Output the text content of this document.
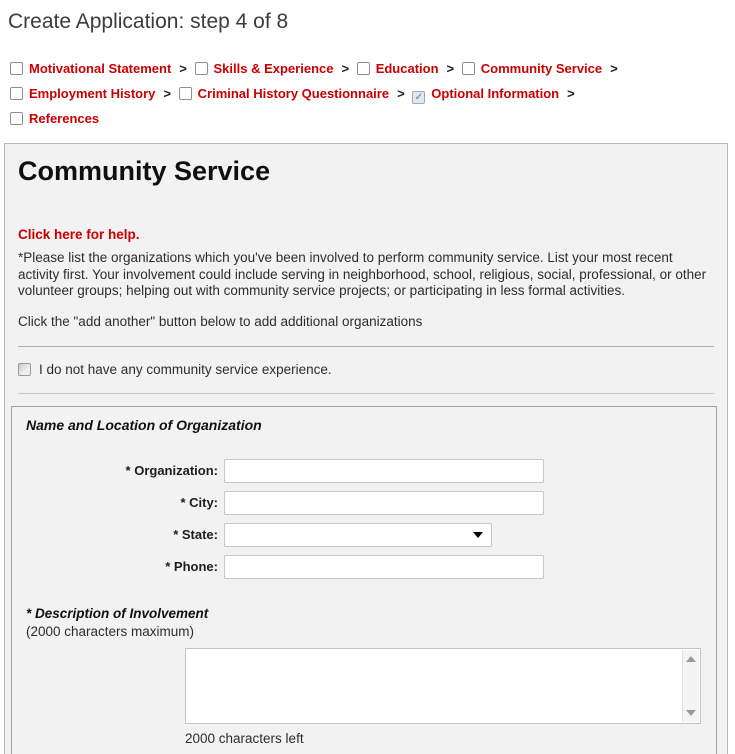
Create Application: step 4 of 8
Motivational Statement > Skills & Experience > Education > Community Service > Employment History > Criminal History Questionnaire > ✓ Optional Information > References
Community Service
Click here for help.

*Please list the organizations which you've been involved to perform community service. List your most recent activity first. Your involvement could include serving in neighborhood, school, religious, social, professional, or other volunteer groups; helping out with community service projects; or participating in less formal activities.

Click the "add another" button below to add additional organizations

I do not have any community service experience.
Name and Location of Organization
* Organization:
* City:
* State:
* Phone:
* Description of Involvement
(2000 characters maximum)
2000 characters left
